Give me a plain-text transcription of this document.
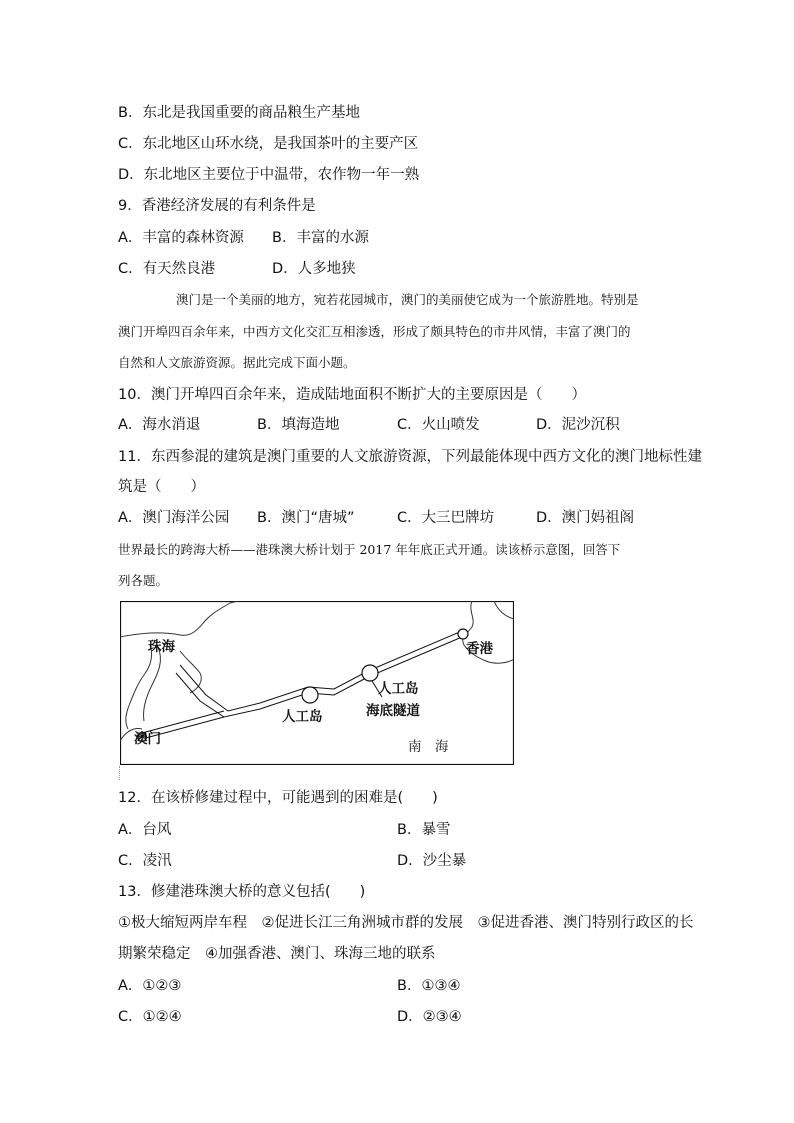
B．东北是我国重要的商品粮生产基地
C．东北地区山环水绕，是我国茶叶的主要产区
D．东北地区主要位于中温带，农作物一年一熟
9．香港经济发展的有利条件是
A．丰富的森林资源 B．丰富的水源
C．有天然良港	D．人多地狭
澳门是一个美丽的地方，宛若花园城市，澳门的美丽使它成为一个旅游胜地。特别是
澳门开埠四百余年来，中西方文化交汇互相渗透，形成了颇具特色的市井风情，丰富了澳门的
自然和人文旅游资源。据此完成下面小题。
10．澳门开埠四百余年来，造成陆地面积不断扩大的主要原因是（　　）
A．海水消退	B．填海造地	C．火山喷发	D．泥沙沉积
11．东西参混的建筑是澳门重要的人文旅游资源，下列最能体现中西方文化的澳门地标性建
筑是（　　）
A．澳门海洋公园 B．澳门“唐城”	C．大三巴牌坊	D．澳门妈祖阁
世界最长的跨海大桥——港珠澳大桥计划于 2017 年年底正式开通。读该桥示意图，回答下
列各题。
珠海	香港
澳门
人工岛
人工岛
海底隧道
南　海
12．在该桥修建过程中，可能遇到的困难是(　　)
A．台风	B．暴雪
C．凌汛	D．沙尘暴
13．修建港珠澳大桥的意义包括(　　)
①极大缩短两岸车程　②促进长江三角洲城市群的发展　③促进香港、澳门特别行政区的长
期繁荣稳定　④加强香港、澳门、珠海三地的联系
A．①②③	B．①③④
C．①②④	D．②③④
